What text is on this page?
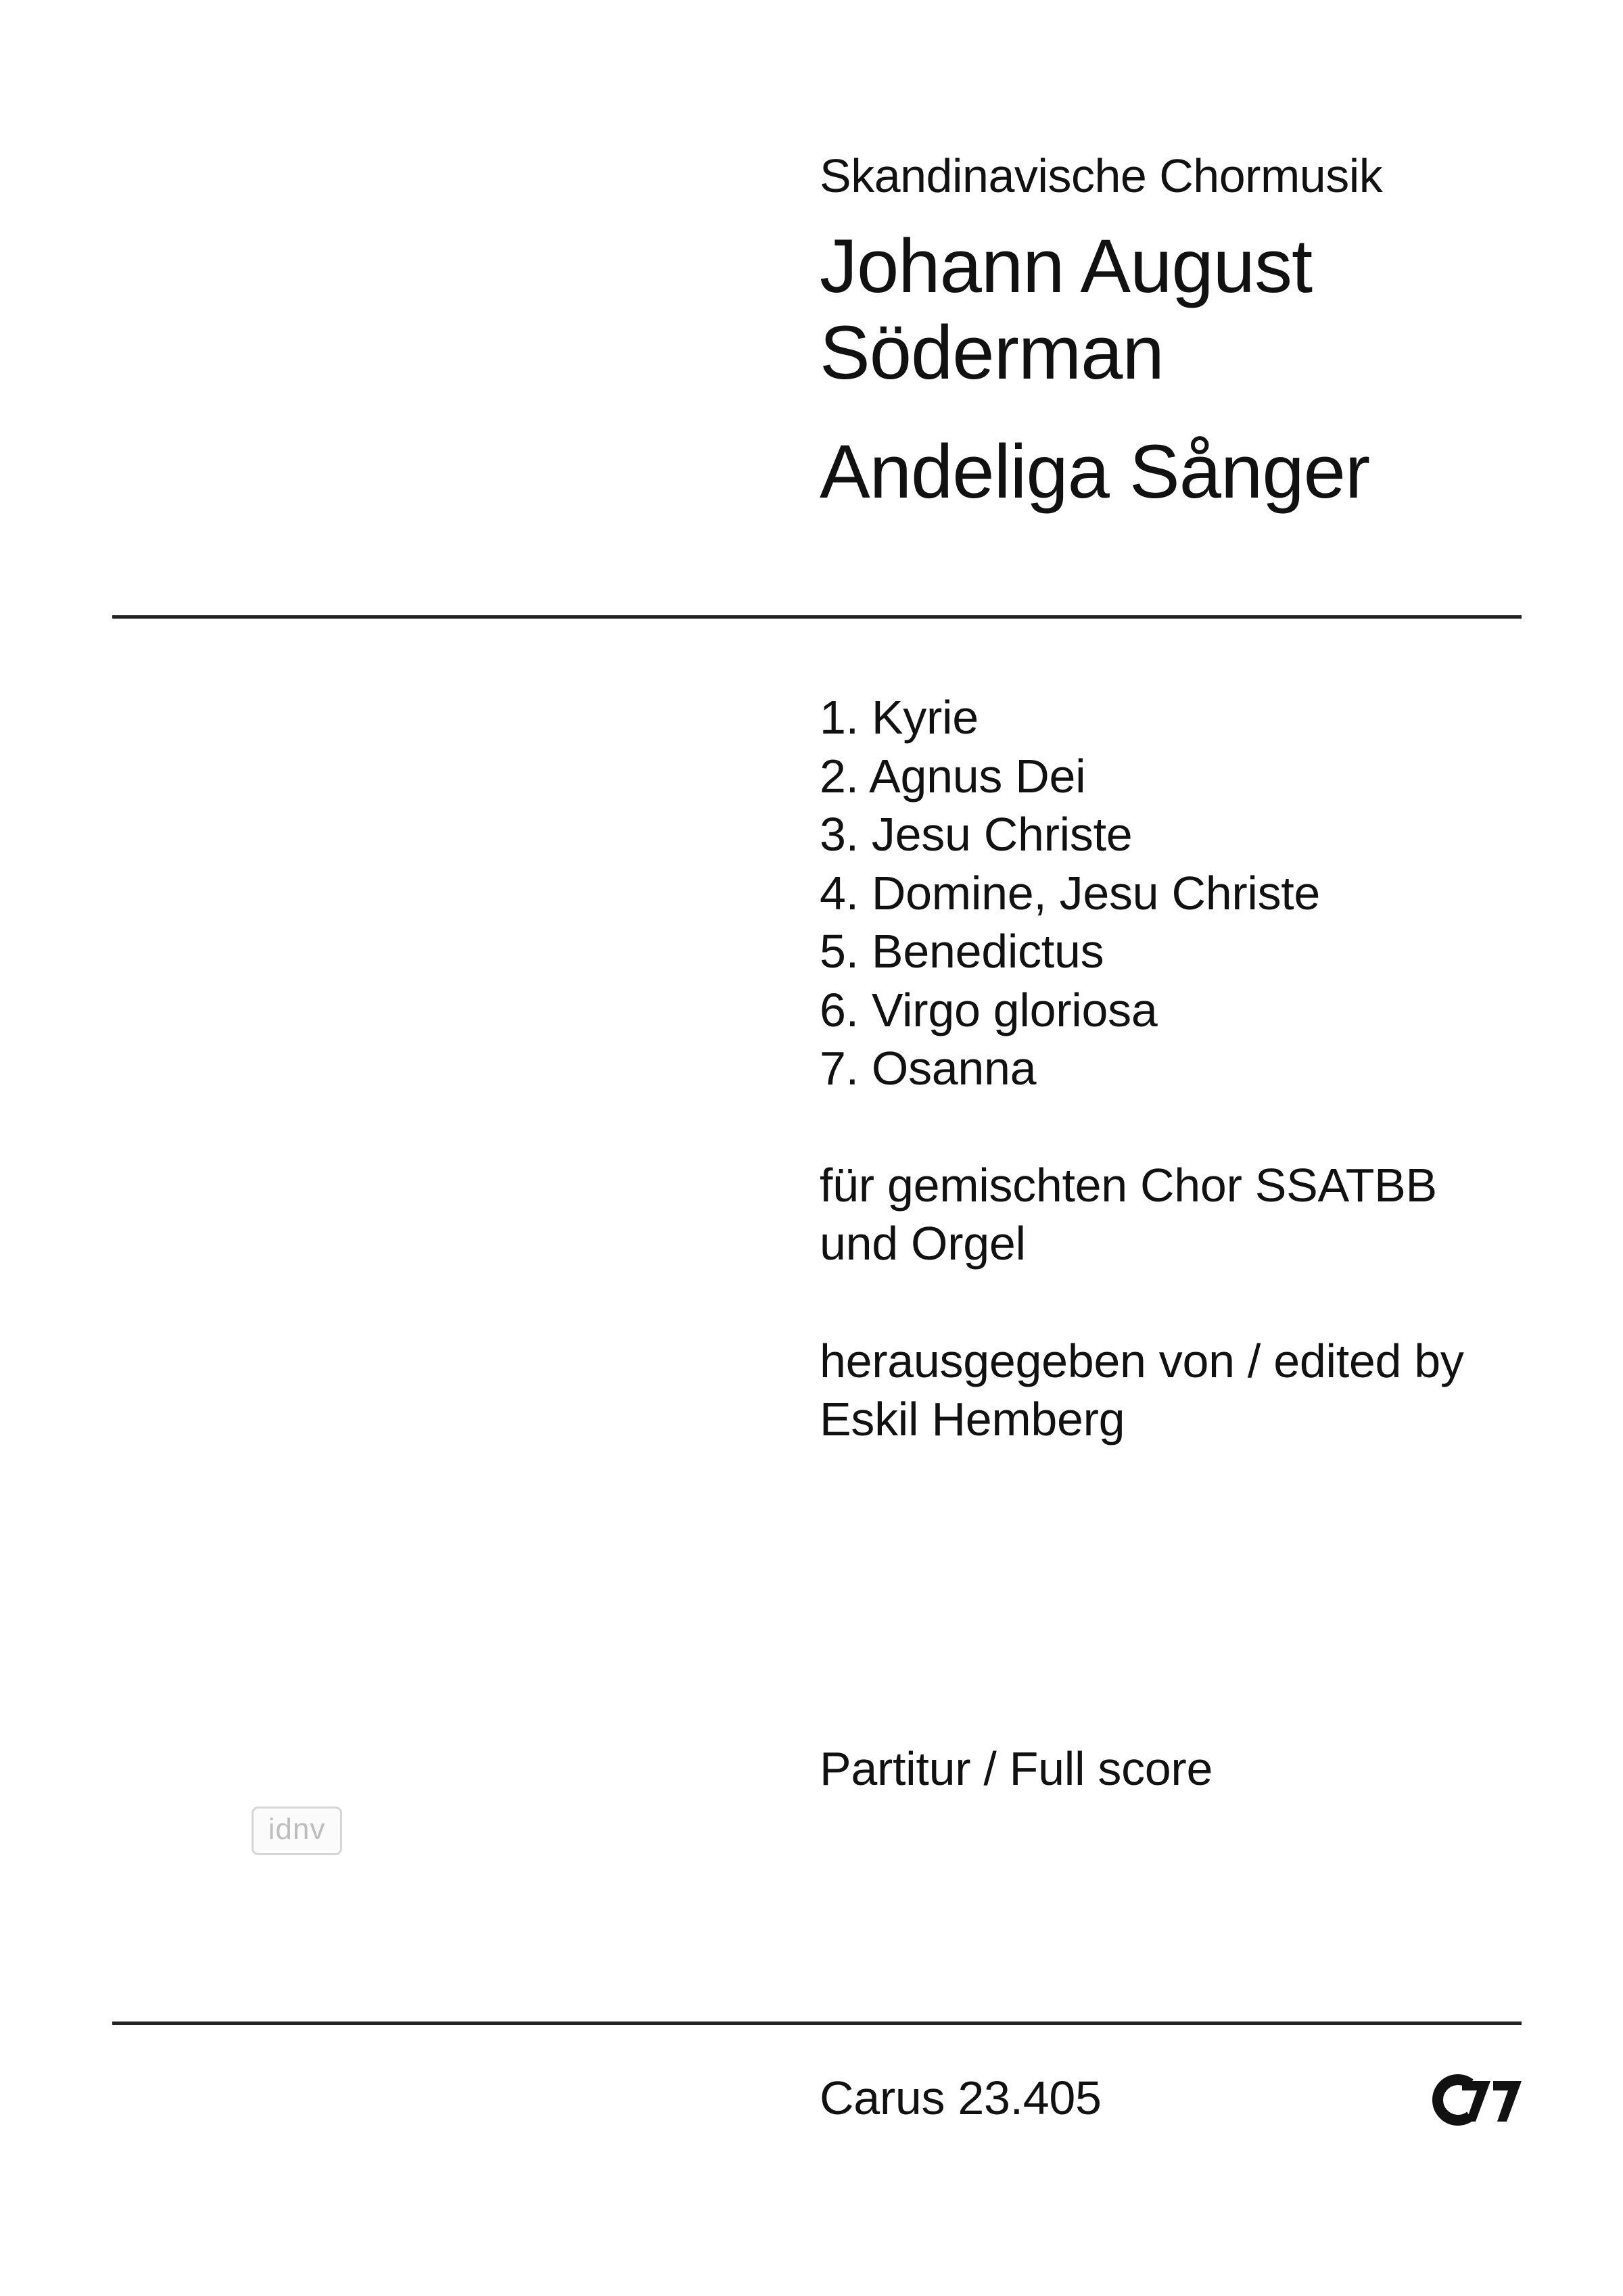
Skandinavische Chormusik
Johann August
Söderman
Andeliga Sånger
1. Kyrie
2. Agnus Dei
3. Jesu Christe
4. Domine, Jesu Christe
5. Benedictus
6. Virgo gloriosa
7. Osanna
für gemischten Chor SSATBB
und Orgel
herausgegeben von / edited by
Eskil Hemberg
idnv
Partitur / Full score
Carus 23.405
